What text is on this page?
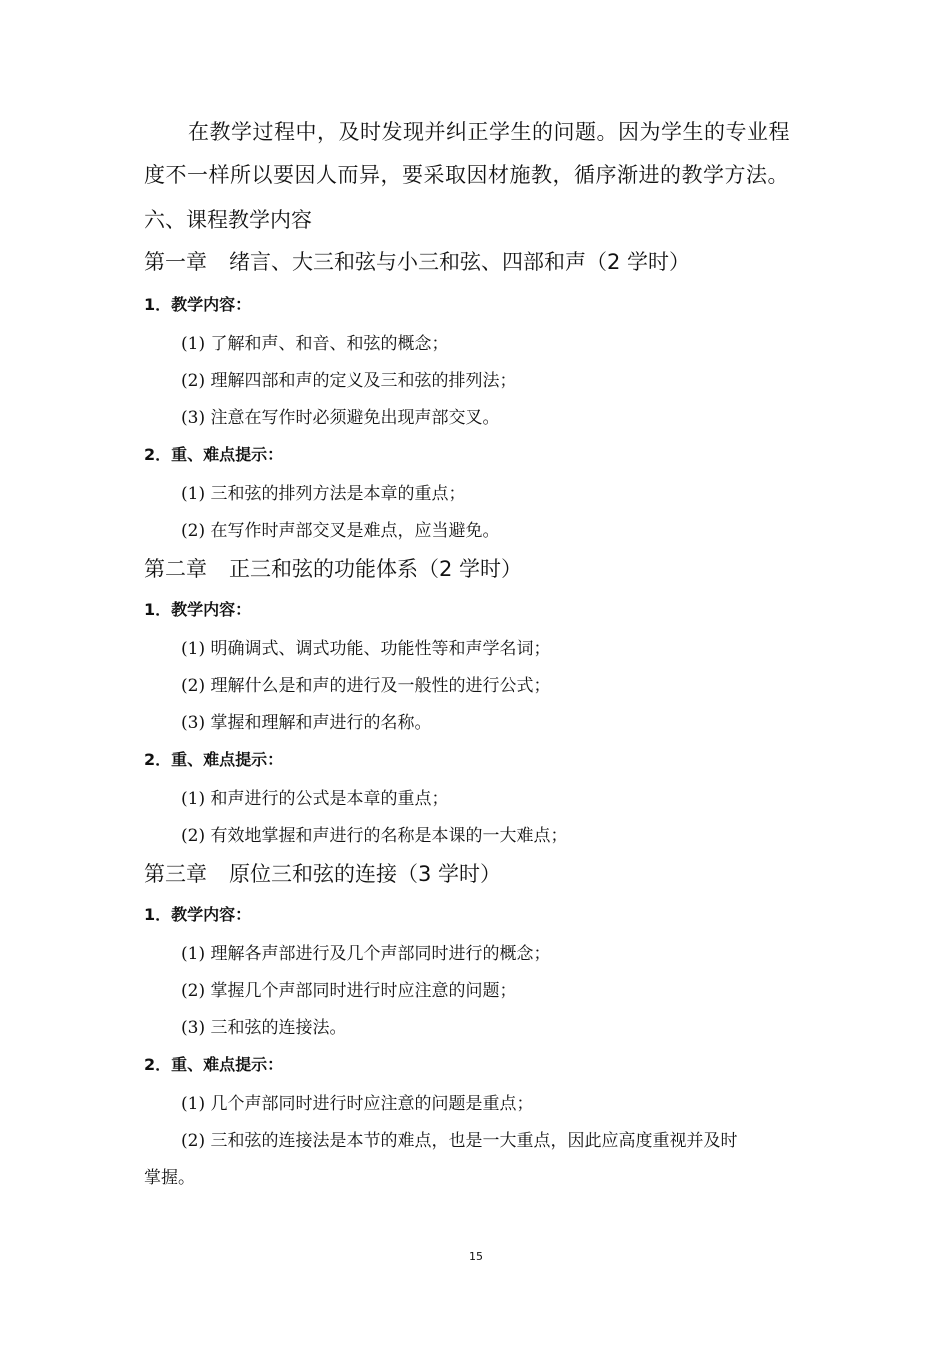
在教学过程中，及时发现并纠正学生的问题。因为学生的专业程
度不一样所以要因人而异，要采取因材施教，循序渐进的教学方法。
六、课程教学内容
第一章 绪言、大三和弦与小三和弦、四部和声（2 学时）
1．教学内容：
(1) 了解和声、和音、和弦的概念；
(2) 理解四部和声的定义及三和弦的排列法；
(3) 注意在写作时必须避免出现声部交叉。
2．重、难点提示：
(1) 三和弦的排列方法是本章的重点；
(2) 在写作时声部交叉是难点，应当避免。
第二章 正三和弦的功能体系（2 学时）
1．教学内容：
(1) 明确调式、调式功能、功能性等和声学名词；
(2) 理解什么是和声的进行及一般性的进行公式；
(3) 掌握和理解和声进行的名称。
2．重、难点提示：
(1) 和声进行的公式是本章的重点；
(2) 有效地掌握和声进行的名称是本课的一大难点；
第三章 原位三和弦的连接（3 学时）
1．教学内容：
(1) 理解各声部进行及几个声部同时进行的概念；
(2) 掌握几个声部同时进行时应注意的问题；
(3) 三和弦的连接法。
2．重、难点提示：
(1) 几个声部同时进行时应注意的问题是重点；
(2) 三和弦的连接法是本节的难点，也是一大重点，因此应高度重视并及时
掌握。
15
